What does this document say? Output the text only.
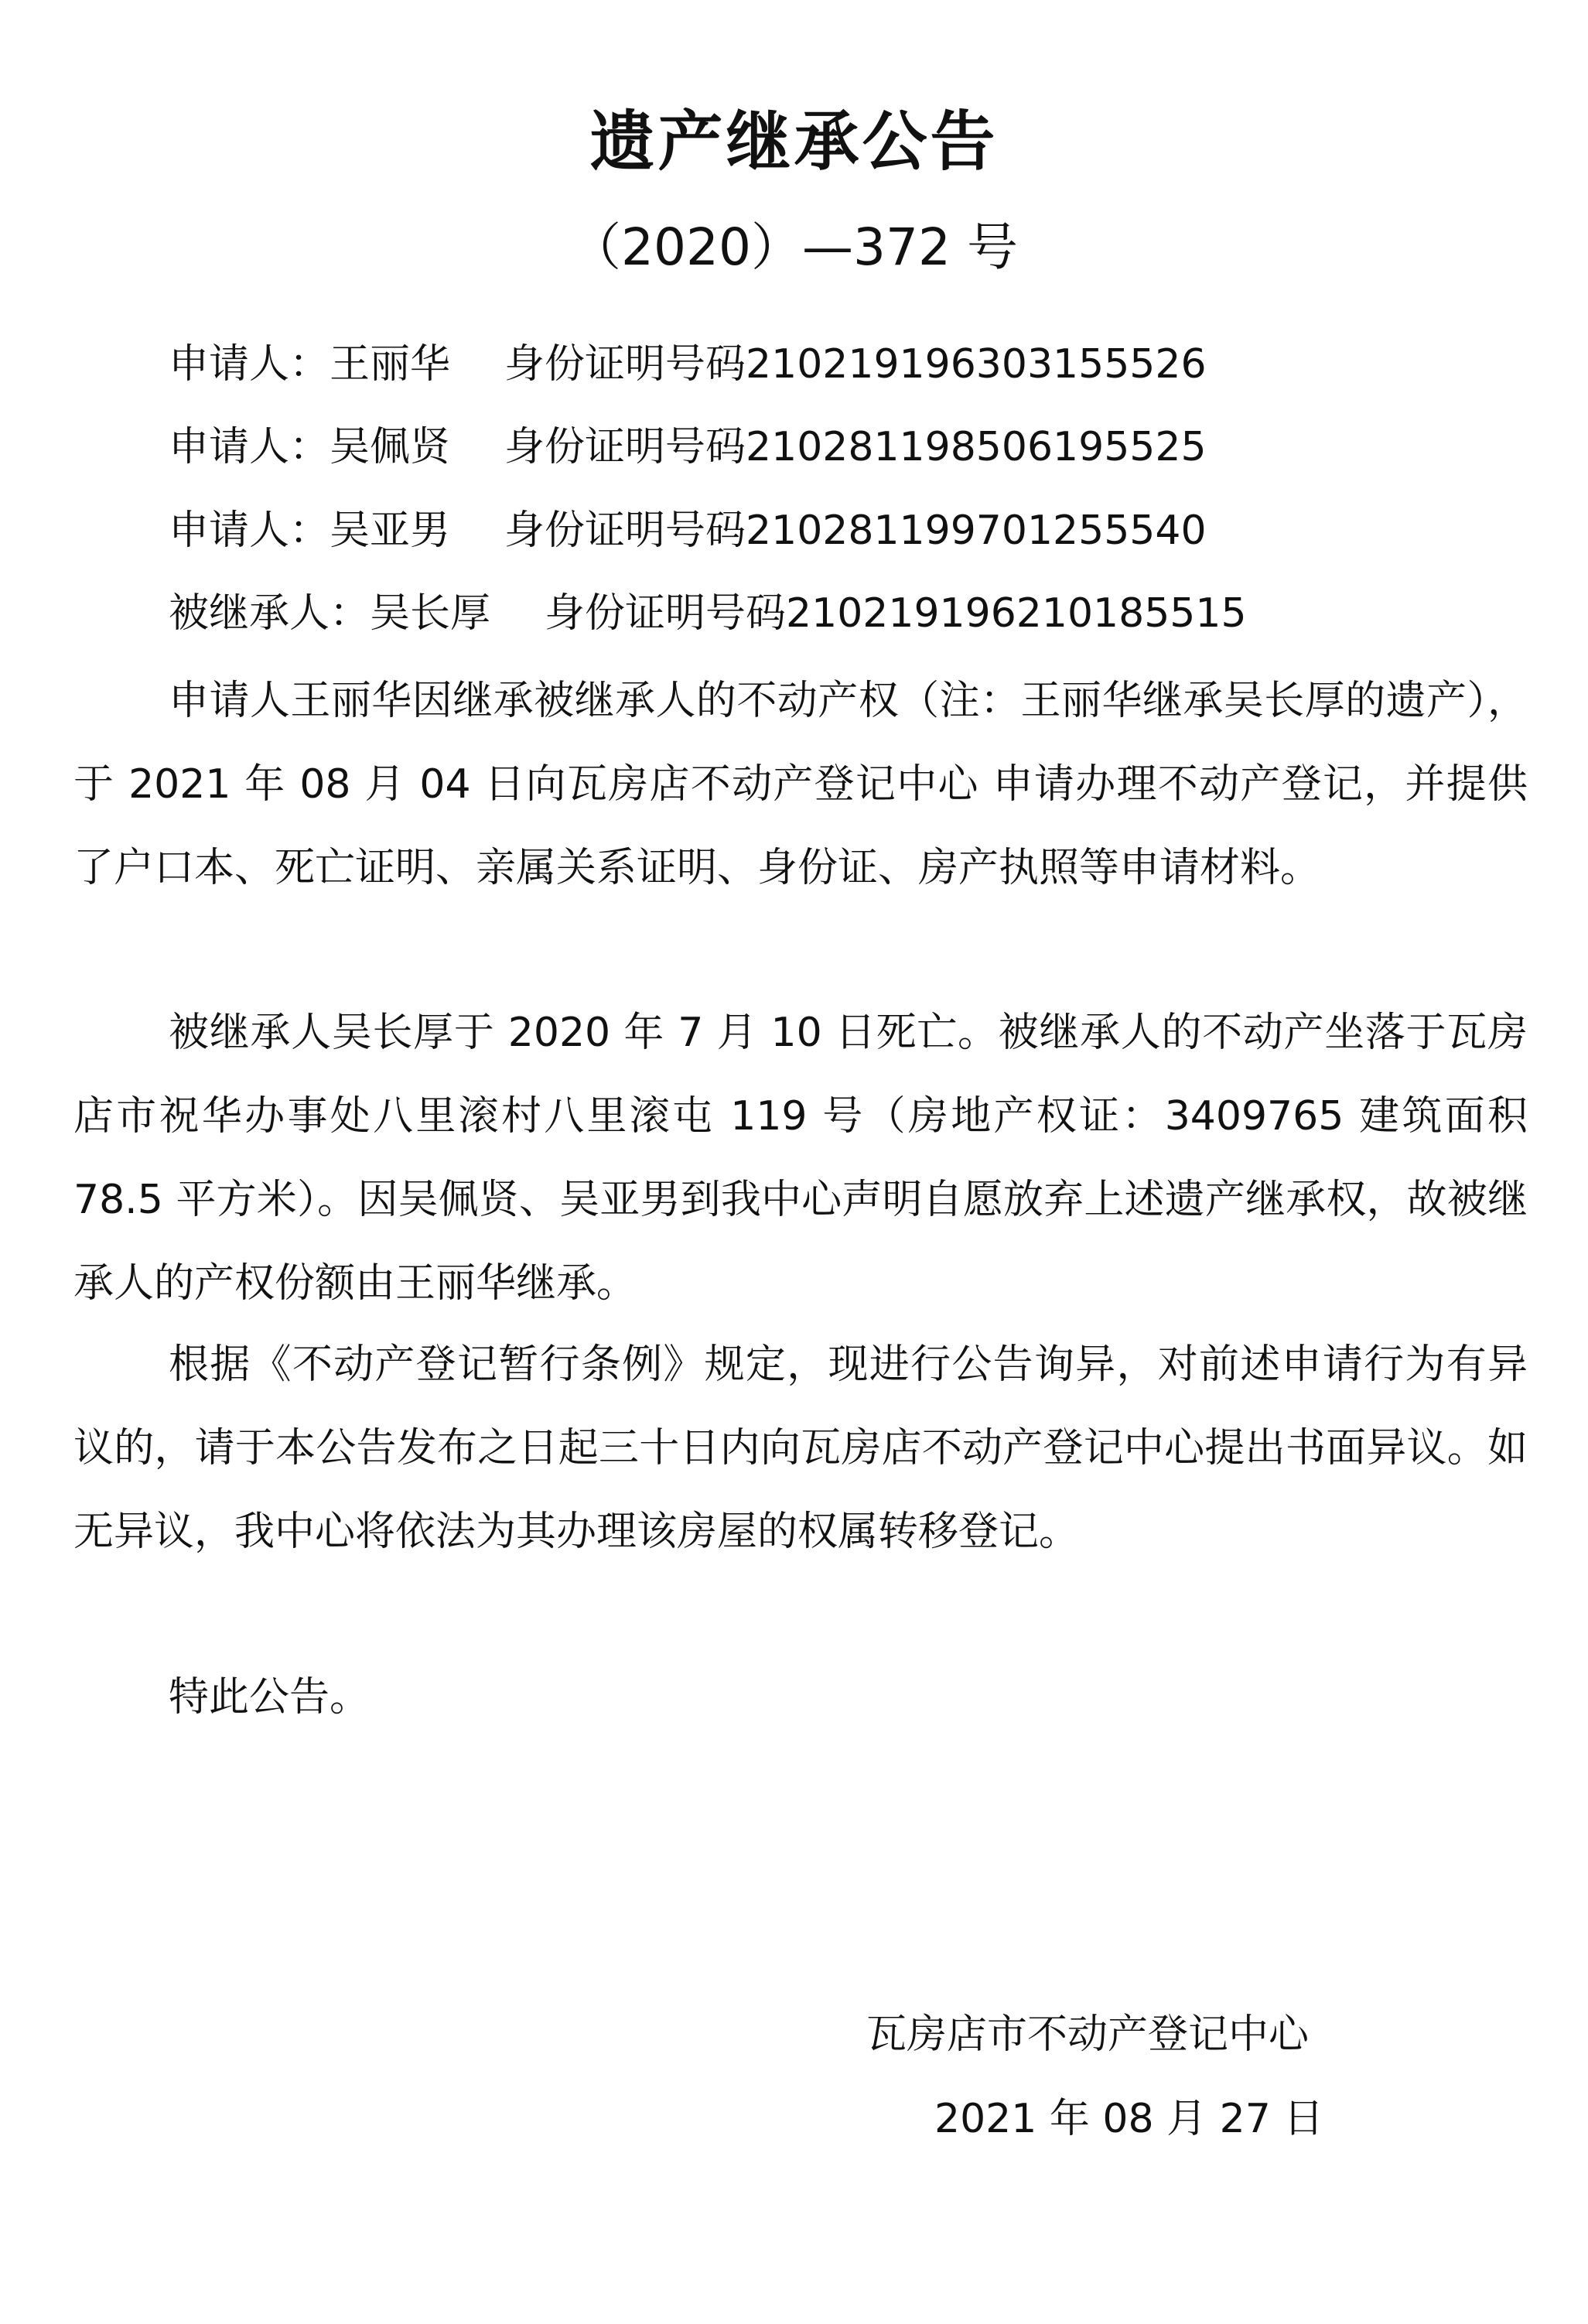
遗产继承公告
（2020）—372 号
申请人：王丽华 身份证明号码210219196303155526
申请人：吴佩贤 身份证明号码210281198506195525
申请人：吴亚男 身份证明号码210281199701255540
被继承人：吴长厚 身份证明号码210219196210185515

申请人王丽华因继承被继承人的不动产权（注：王丽华继承吴长厚的遗产），于 2021 年 08 月 04 日向瓦房店不动产登记中心 申请办理不动产登记，并提供了户口本、死亡证明、亲属关系证明、身份证、房产执照等申请材料。

被继承人吴长厚于 2020 年 7 月 10 日死亡。被继承人的不动产坐落于瓦房店市祝华办事处八里滚村八里滚屯 119 号（房地产权证：3409765 建筑面积 78.5 平方米）。因吴佩贤、吴亚男到我中心声明自愿放弃上述遗产继承权，故被继承人的产权份额由王丽华继承。

根据《不动产登记暂行条例》规定，现进行公告询异，对前述申请行为有异议的，请于本公告发布之日起三十日内向瓦房店不动产登记中心提出书面异议。如无异议，我中心将依法为其办理该房屋的权属转移登记。

特此公告。

瓦房店市不动产登记中心
2021 年 08 月 27 日
